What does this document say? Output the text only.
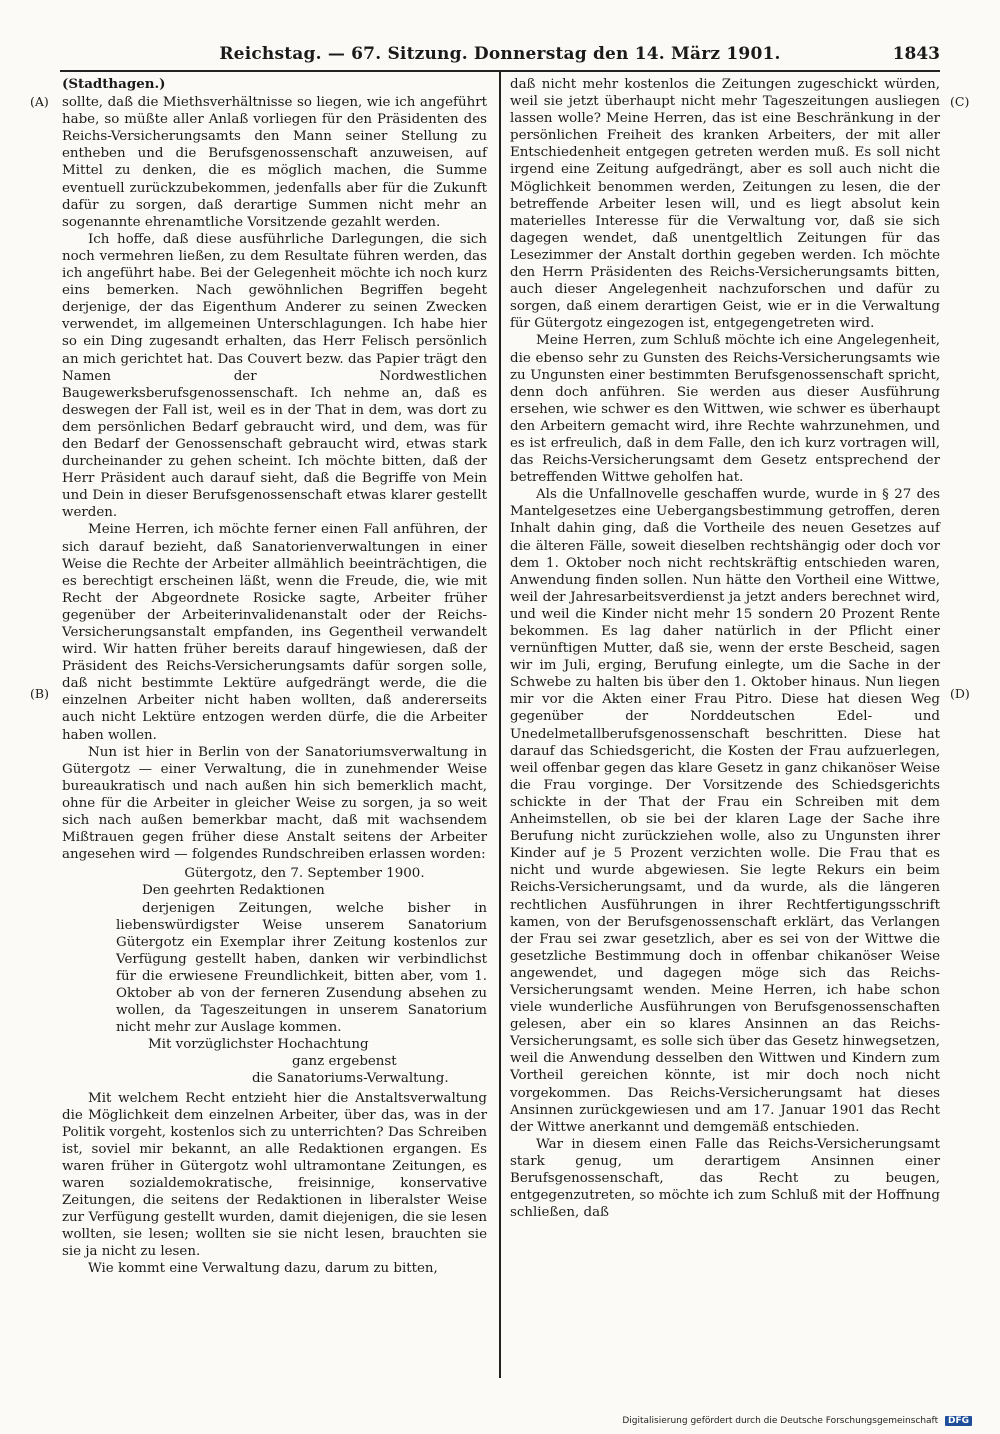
Reichstag. — 67. Sitzung. Donnerstag den 14. März 1901.	1843
(A)
(B)
(C)
(D)
(Stadthagen.)

sollte, daß die Miethsverhältnisse so liegen, wie ich angeführt habe, so müßte aller Anlaß vorliegen für den Präsidenten des Reichs-Versicherungsamts den Mann seiner Stellung zu entheben und die Berufsgenossenschaft anzuweisen, auf Mittel zu denken, die es möglich machen, die Summe eventuell zurückzubekommen, jedenfalls aber für die Zukunft dafür zu sorgen, daß derartige Summen nicht mehr an sogenannte ehrenamtliche Vorsitzende gezahlt werden.

Ich hoffe, daß diese ausführliche Darlegungen, die sich noch vermehren ließen, zu dem Resultate führen werden, das ich angeführt habe. Bei der Gelegenheit möchte ich noch kurz eins bemerken. Nach gewöhnlichen Begriffen begeht derjenige, der das Eigenthum Anderer zu seinen Zwecken verwendet, im allgemeinen Unterschlagungen. Ich habe hier so ein Ding zugesandt erhalten, das Herr Felisch persönlich an mich gerichtet hat. Das Couvert bezw. das Papier trägt den Namen der Nordwestlichen Baugewerksberufsgenossenschaft. Ich nehme an, daß es deswegen der Fall ist, weil es in der That in dem, was dort zu dem persönlichen Bedarf gebraucht wird, und dem, was für den Bedarf der Genossenschaft gebraucht wird, etwas stark durcheinander zu gehen scheint. Ich möchte bitten, daß der Herr Präsident auch darauf sieht, daß die Begriffe von Mein und Dein in dieser Berufsgenossenschaft etwas klarer gestellt werden.

Meine Herren, ich möchte ferner einen Fall anführen, der sich darauf bezieht, daß Sanatorienverwaltungen in einer Weise die Rechte der Arbeiter allmählich beeinträchtigen, die es berechtigt erscheinen läßt, wenn die Freude, die, wie mit Recht der Abgeordnete Rosicke sagte, Arbeiter früher gegenüber der Arbeiterinvalidenanstalt oder der Reichs-Versicherungsanstalt empfanden, ins Gegentheil verwandelt wird. Wir hatten früher bereits darauf hingewiesen, daß der Präsident des Reichs-Versicherungsamts dafür sorgen solle, daß nicht bestimmte Lektüre aufgedrängt werde, die die einzelnen Arbeiter nicht haben wollten, daß andererseits auch nicht Lektüre entzogen werden dürfe, die die Arbeiter haben wollen.

Nun ist hier in Berlin von der Sanatoriumsverwaltung in Gütergotz — einer Verwaltung, die in zunehmender Weise bureaukratisch und nach außen hin sich bemerklich macht, ohne für die Arbeiter in gleicher Weise zu sorgen, ja so weit sich nach außen bemerkbar macht, daß mit wachsendem Mißtrauen gegen früher diese Anstalt seitens der Arbeiter angesehen wird — folgendes Rundschreiben erlassen worden:

Gütergotz, den 7. September 1900.

Den geehrten Redaktionen

derjenigen Zeitungen, welche bisher in liebenswürdigster Weise unserem Sanatorium Gütergotz ein Exemplar ihrer Zeitung kostenlos zur Verfügung gestellt haben, danken wir verbindlichst für die erwiesene Freundlichkeit, bitten aber, vom 1. Oktober ab von der ferneren Zusendung absehen zu wollen, da Tageszeitungen in unserem Sanatorium nicht mehr zur Auslage kommen.

Mit vorzüglichster Hochachtung

ganz ergebenst

die Sanatoriums-Verwaltung.

Mit welchem Recht entzieht hier die Anstaltsverwaltung die Möglichkeit dem einzelnen Arbeiter, über das, was in der Politik vorgeht, kostenlos sich zu unterrichten? Das Schreiben ist, soviel mir bekannt, an alle Redaktionen ergangen. Es waren früher in Gütergotz wohl ultramontane Zeitungen, es waren sozialdemokratische, freisinnige, konservative Zeitungen, die seitens der Redaktionen in liberalster Weise zur Verfügung gestellt wurden, damit diejenigen, die sie lesen wollten, sie lesen; wollten sie sie nicht lesen, brauchten sie sie ja nicht zu lesen.

Wie kommt eine Verwaltung dazu, darum zu bitten,

daß nicht mehr kostenlos die Zeitungen zugeschickt würden, weil sie jetzt überhaupt nicht mehr Tageszeitungen ausliegen lassen wolle? Meine Herren, das ist eine Beschränkung in der persönlichen Freiheit des kranken Arbeiters, der mit aller Entschiedenheit entgegen getreten werden muß. Es soll nicht irgend eine Zeitung aufgedrängt, aber es soll auch nicht die Möglichkeit benommen werden, Zeitungen zu lesen, die der betreffende Arbeiter lesen will, und es liegt absolut kein materielles Interesse für die Verwaltung vor, daß sie sich dagegen wendet, daß unentgeltlich Zeitungen für das Lesezimmer der Anstalt dorthin gegeben werden. Ich möchte den Herrn Präsidenten des Reichs-Versicherungsamts bitten, auch dieser Angelegenheit nachzuforschen und dafür zu sorgen, daß einem derartigen Geist, wie er in die Verwaltung für Gütergotz eingezogen ist, entgegengetreten wird.

Meine Herren, zum Schluß möchte ich eine Angelegenheit, die ebenso sehr zu Gunsten des Reichs-Versicherungsamts wie zu Ungunsten einer bestimmten Berufsgenossenschaft spricht, denn doch anführen. Sie werden aus dieser Ausführung ersehen, wie schwer es den Wittwen, wie schwer es überhaupt den Arbeitern gemacht wird, ihre Rechte wahrzunehmen, und es ist erfreulich, daß in dem Falle, den ich kurz vortragen will, das Reichs-Versicherungsamt dem Gesetz entsprechend der betreffenden Wittwe geholfen hat.

Als die Unfallnovelle geschaffen wurde, wurde in § 27 des Mantelgesetzes eine Uebergangsbestimmung getroffen, deren Inhalt dahin ging, daß die Vortheile des neuen Gesetzes auf die älteren Fälle, soweit dieselben rechtshängig oder doch vor dem 1. Oktober noch nicht rechtskräftig entschieden waren, Anwendung finden sollen. Nun hätte den Vortheil eine Wittwe, weil der Jahresarbeitsverdienst ja jetzt anders berechnet wird, und weil die Kinder nicht mehr 15 sondern 20 Prozent Rente bekommen. Es lag daher natürlich in der Pflicht einer vernünftigen Mutter, daß sie, wenn der erste Bescheid, sagen wir im Juli, erging, Berufung einlegte, um die Sache in der Schwebe zu halten bis über den 1. Oktober hinaus. Nun liegen mir vor die Akten einer Frau Pitro. Diese hat diesen Weg gegenüber der Norddeutschen Edel- und Unedelmetallberufsgenossenschaft beschritten. Diese hat darauf das Schiedsgericht, die Kosten der Frau aufzuerlegen, weil offenbar gegen das klare Gesetz in ganz chikanöser Weise die Frau vorginge. Der Vorsitzende des Schiedsgerichts schickte in der That der Frau ein Schreiben mit dem Anheimstellen, ob sie bei der klaren Lage der Sache ihre Berufung nicht zurückziehen wolle, also zu Ungunsten ihrer Kinder auf je 5 Prozent verzichten wolle. Die Frau that es nicht und wurde abgewiesen. Sie legte Rekurs ein beim Reichs-Versicherungsamt, und da wurde, als die längeren rechtlichen Ausführungen in ihrer Rechtfertigungsschrift kamen, von der Berufsgenossenschaft erklärt, das Verlangen der Frau sei zwar gesetzlich, aber es sei von der Wittwe die gesetzliche Bestimmung doch in offenbar chikanöser Weise angewendet, und dagegen möge sich das Reichs-Versicherungsamt wenden. Meine Herren, ich habe schon viele wunderliche Ausführungen von Berufsgenossenschaften gelesen, aber ein so klares Ansinnen an das Reichs-Versicherungsamt, es solle sich über das Gesetz hinwegsetzen, weil die Anwendung desselben den Wittwen und Kindern zum Vortheil gereichen könnte, ist mir doch noch nicht vorgekommen. Das Reichs-Versicherungsamt hat dieses Ansinnen zurückgewiesen und am 17. Januar 1901 das Recht der Wittwe anerkannt und demgemäß entschieden.

War in diesem einen Falle das Reichs-Versicherungsamt stark genug, um derartigem Ansinnen einer Berufsgenossenschaft, das Recht zu beugen, entgegenzutreten, so möchte ich zum Schluß mit der Hoffnung schließen, daß

Digitalisierung gefördert durch die Deutsche Forschungsgemeinschaft DFG
